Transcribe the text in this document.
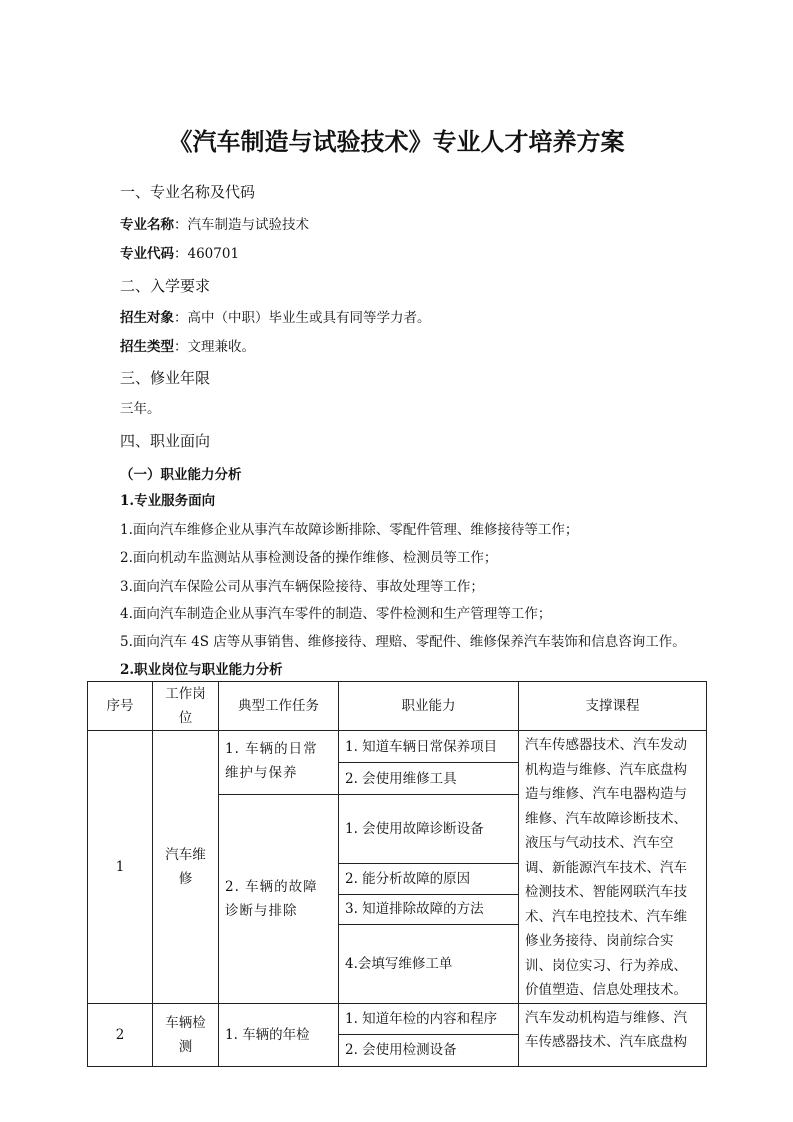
《汽车制造与试验技术》专业人才培养方案
一、专业名称及代码
专业名称：汽车制造与试验技术
专业代码：460701
二、入学要求
招生对象：高中（中职）毕业生或具有同等学力者。
招生类型：文理兼收。
三、修业年限
三年。
四、职业面向
（一）职业能力分析
1.专业服务面向
1.面向汽车维修企业从事汽车故障诊断排除、零配件管理、维修接待等工作；
2.面向机动车监测站从事检测设备的操作维修、检测员等工作；
3.面向汽车保险公司从事汽车辆保险接待、事故处理等工作；
4.面向汽车制造企业从事汽车零件的制造、零件检测和生产管理等工作；
5.面向汽车 4S 店等从事销售、维修接待、理赔、零配件、维修保养汽车装饰和信息咨询工作。
2.职业岗位与职业能力分析
序号	工作岗位	典型工作任务	职业能力	支撑课程
1	汽车维修	1. 车辆的日常维护与保养	1. 知道车辆日常保养项目	汽车传感器技术、汽车发动机构造与维修、汽车底盘构造与维修、汽车电器构造与维修、汽车故障诊断技术、液压与气动技术、汽车空调、新能源汽车技术、汽车检测技术、智能网联汽车技术、汽车电控技术、汽车维修业务接待、岗前综合实训、岗位实习、行为养成、价值塑造、信息处理技术。
			2. 会使用维修工具	
		2. 车辆的故障诊断与排除	1. 会使用故障诊断设备	
			2. 能分析故障的原因	
			3. 知道排除故障的方法	
			4.会填写维修工单	
2	车辆检测	1. 车辆的年检	1. 知道年检的内容和程序	汽车发动机构造与维修、汽车传感器技术、汽车底盘构
			2. 会使用检测设备	
